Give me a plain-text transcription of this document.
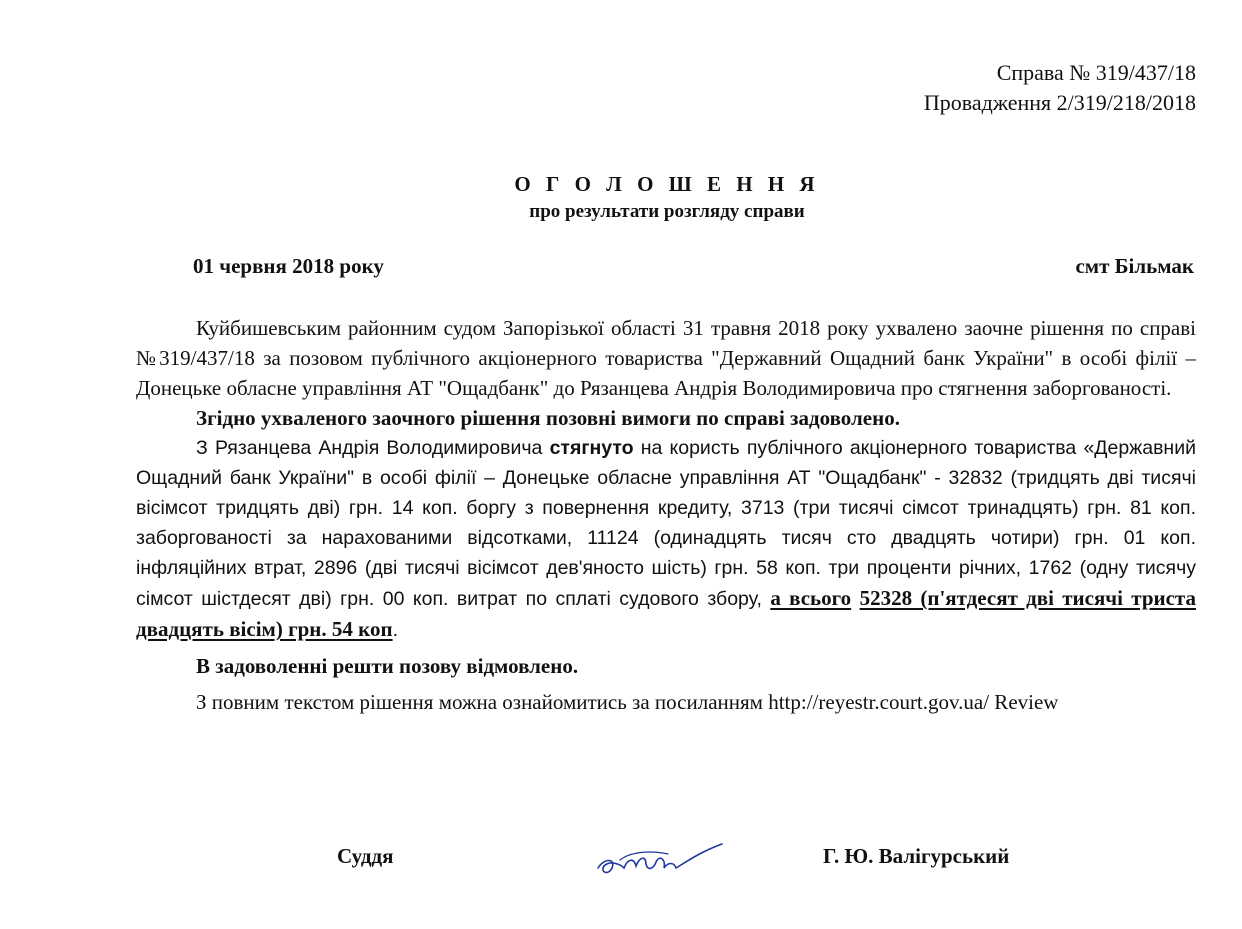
Справа № 319/437/18
Провадження 2/319/218/2018
О Г О Л О Ш Е Н Н Я
про результати розгляду справи
01 червня 2018 року	смт Більмак

Куйбишевським районним судом Запорізької області 31 травня 2018 року ухвалено заочне рішення по справі №319/437/18 за позовом публічного акціонерного товариства "Державний Ощадний банк України" в особі філії – Донецьке обласне управління АТ "Ощадбанк" до Рязанцева Андрія Володимировича про стягнення заборгованості.

Згідно ухваленого заочного рішення позовні вимоги по справі задоволено.

З Рязанцева Андрія Володимировича стягнуто на користь публічного акціонерного товариства «Державний Ощадний банк України" в особі філії – Донецьке обласне управління АТ "Ощадбанк" - 32832 (тридцять дві тисячі вісімсот тридцять дві) грн. 14 коп. боргу з повернення кредиту, 3713 (три тисячі сімсот тринадцять) грн. 81 коп. заборгованості за нарахованими відсотками, 11124 (одинадцять тисяч сто двадцять чотири) грн. 01 коп. інфляційних втрат, 2896 (дві тисячі вісімсот дев'яносто шість) грн. 58 коп. три проценти річних, 1762 (одну тисячу сімсот шістдесят дві) грн. 00 коп. витрат по сплаті судового збору, а всього 52328 (п'ятдесят дві тисячі триста двадцять вісім) грн. 54 коп.

В задоволенні решти позову відмовлено.

З повним текстом рішення можна ознайомитись за посиланням http://reyestr.court.gov.ua/ Review

Суддя	Г. Ю. Валігурський
